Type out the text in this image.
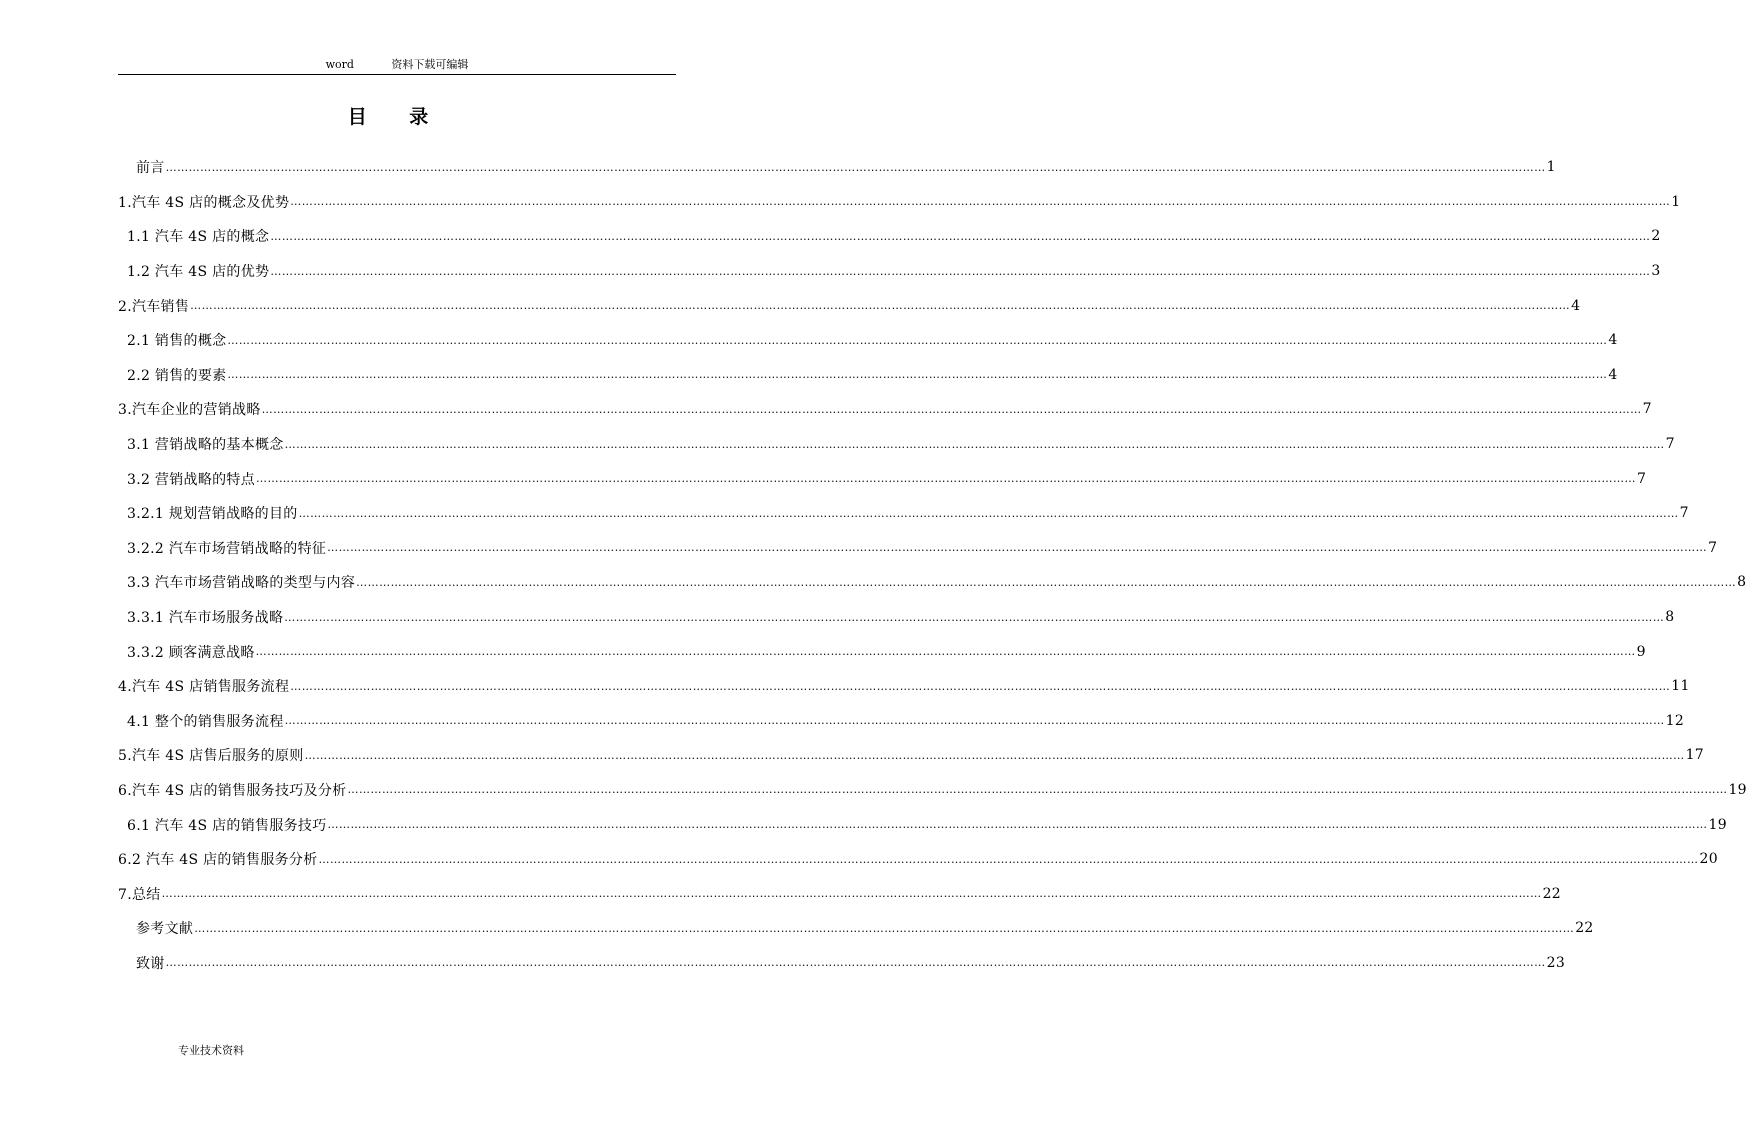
word	资料下载可编辑
目 录
前言 ……………………………………………………………………………………………………………………………………………………………………………………………………………………………………………………………………………………………………………………………… 1
1.汽车 4S 店的概念及优势 ……………………………………………………………………………………………………………………………………………………………………………………………………………………………………………………………………………………………………………………………… 1
1.1 汽车 4S 店的概念 ……………………………………………………………………………………………………………………………………………………………………………………………………………………………………………………………………………………………………………………………… 2
1.2 汽车 4S 店的优势 ……………………………………………………………………………………………………………………………………………………………………………………………………………………………………………………………………………………………………………………………… 3
2.汽车销售 ……………………………………………………………………………………………………………………………………………………………………………………………………………………………………………………………………………………………………………………………… 4
2.1 销售的概念 ……………………………………………………………………………………………………………………………………………………………………………………………………………………………………………………………………………………………………………………………… 4
2.2 销售的要素 ……………………………………………………………………………………………………………………………………………………………………………………………………………………………………………………………………………………………………………………………… 4
3.汽车企业的营销战略 ……………………………………………………………………………………………………………………………………………………………………………………………………………………………………………………………………………………………………………………………… 7
3.1 营销战略的基本概念 ……………………………………………………………………………………………………………………………………………………………………………………………………………………………………………………………………………………………………………………………… 7
3.2 营销战略的特点 ……………………………………………………………………………………………………………………………………………………………………………………………………………………………………………………………………………………………………………………………… 7
3.2.1 规划营销战略的目的 ……………………………………………………………………………………………………………………………………………………………………………………………………………………………………………………………………………………………………………………………… 7
3.2.2 汽车市场营销战略的特征 ……………………………………………………………………………………………………………………………………………………………………………………………………………………………………………………………………………………………………………………………… 7
3.3 汽车市场营销战略的类型与内容 ……………………………………………………………………………………………………………………………………………………………………………………………………………………………………………………………………………………………………………………………… 8
3.3.1 汽车市场服务战略 ……………………………………………………………………………………………………………………………………………………………………………………………………………………………………………………………………………………………………………………………… 8
3.3.2 顾客满意战略 ……………………………………………………………………………………………………………………………………………………………………………………………………………………………………………………………………………………………………………………………… 9
4.汽车 4S 店销售服务流程 ……………………………………………………………………………………………………………………………………………………………………………………………………………………………………………………………………………………………………………………………… 11
4.1 整个的销售服务流程 ……………………………………………………………………………………………………………………………………………………………………………………………………………………………………………………………………………………………………………………………… 12
5.汽车 4S 店售后服务的原则 ……………………………………………………………………………………………………………………………………………………………………………………………………………………………………………………………………………………………………………………………… 17
6.汽车 4S 店的销售服务技巧及分析 ……………………………………………………………………………………………………………………………………………………………………………………………………………………………………………………………………………………………………………………………… 19
6.1 汽车 4S 店的销售服务技巧 ……………………………………………………………………………………………………………………………………………………………………………………………………………………………………………………………………………………………………………………………… 19
6.2 汽车 4S 店的销售服务分析 ……………………………………………………………………………………………………………………………………………………………………………………………………………………………………………………………………………………………………………………………… 20
7.总结 ……………………………………………………………………………………………………………………………………………………………………………………………………………………………………………………………………………………………………………………………… 22
参考文献 ……………………………………………………………………………………………………………………………………………………………………………………………………………………………………………………………………………………………………………………………… 22
致谢 ……………………………………………………………………………………………………………………………………………………………………………………………………………………………………………………………………………………………………………………………… 23
专业技术资料
